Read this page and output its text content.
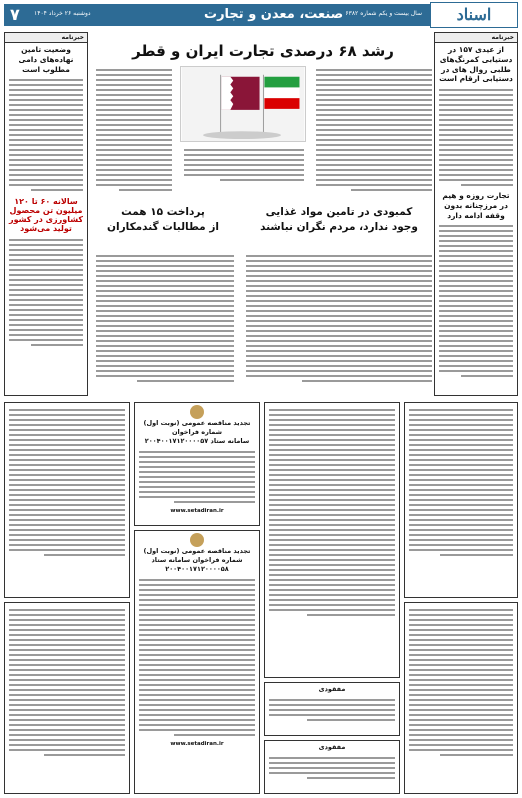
۷ دوشنبه ۲۶ خرداد ۱۴۰۴	صنعت، معدن و تجارت سال بیست و یکم شماره ۶۳۸۲	اسناد
خبرنامه
از عیدی ۱۵۷ در دستیابی کمرنگ‌های طلبی روال های در دستیابی ارقام است
تجارت روزه و هیم در مرزچنانه بدون وقفه ادامه دارد
خبرنامه
وضعیت تامین نهاده‌های دامی مطلوب است
سالانه ۶۰ تا ۱۲۰ میلیون تن محصول کشاورزی در کشور تولید می‌شود
رشد ۶۸ درصدی تجارت ایران و قطر
کمبودی در تامین مواد غذایی
وجود ندارد، مردم نگران نباشند
پرداخت ۱۵ همت
از مطالبات گندمکاران
تجدید مناقصه عمومی (نوبت اول)
شماره فراخوان
سامانه ستاد ۲۰۰۴۰۰۱۷۱۲۰۰۰۰۵۷
www.setadiran.ir
تجدید مناقصه عمومی (نوبت اول)
شماره فراخوان سامانه ستاد
۲۰۰۴۰۰۱۷۱۲۰۰۰۰۵۸
www.setadiran.ir
مفقودی
مفقودی
